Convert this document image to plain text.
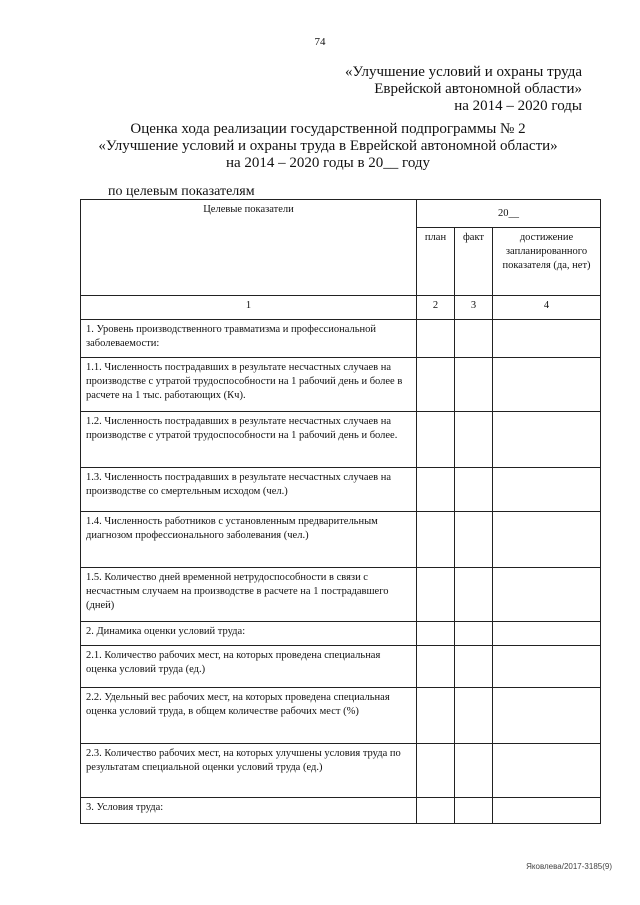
74
«Улучшение условий и охраны труда
Еврейской автономной области»
на 2014 – 2020 годы
Оценка хода реализации государственной подпрограммы № 2
«Улучшение условий и охраны труда в Еврейской автономной области»
на 2014 – 2020 годы в 20__ году
по целевым показателям
Целевые показатели	20__		
	план	факт	достижение запланированного показателя (да, нет)
1	2	3	4
1. Уровень производственного травматизма и профессиональной заболеваемости:			
1.1. Численность пострадавших в результате несчастных случаев на производстве с утратой трудоспособности на 1 рабочий день и более в расчете на 1 тыс. работающих (Кч).			
1.2. Численность пострадавших в результате несчастных случаев на производстве с утратой трудоспособности на 1 рабочий день и более.			
1.3. Численность пострадавших в результате несчастных случаев на производстве со смертельным исходом (чел.)			
1.4. Численность работников с установленным предварительным диагнозом профессионального заболевания (чел.)			
1.5. Количество дней временной нетрудоспособности в связи с несчастным случаем на производстве в расчете на 1 пострадавшего (дней)			
2. Динамика оценки условий труда:			
2.1. Количество рабочих мест, на которых проведена специальная оценка условий труда (ед.)			
2.2. Удельный вес рабочих мест, на которых проведена специальная оценка условий труда, в общем количестве рабочих мест (%)			
2.3. Количество рабочих мест, на которых улучшены условия труда по результатам специальной оценки условий труда (ед.)			
3. Условия труда:			
Яковлева/2017-3185(9)
